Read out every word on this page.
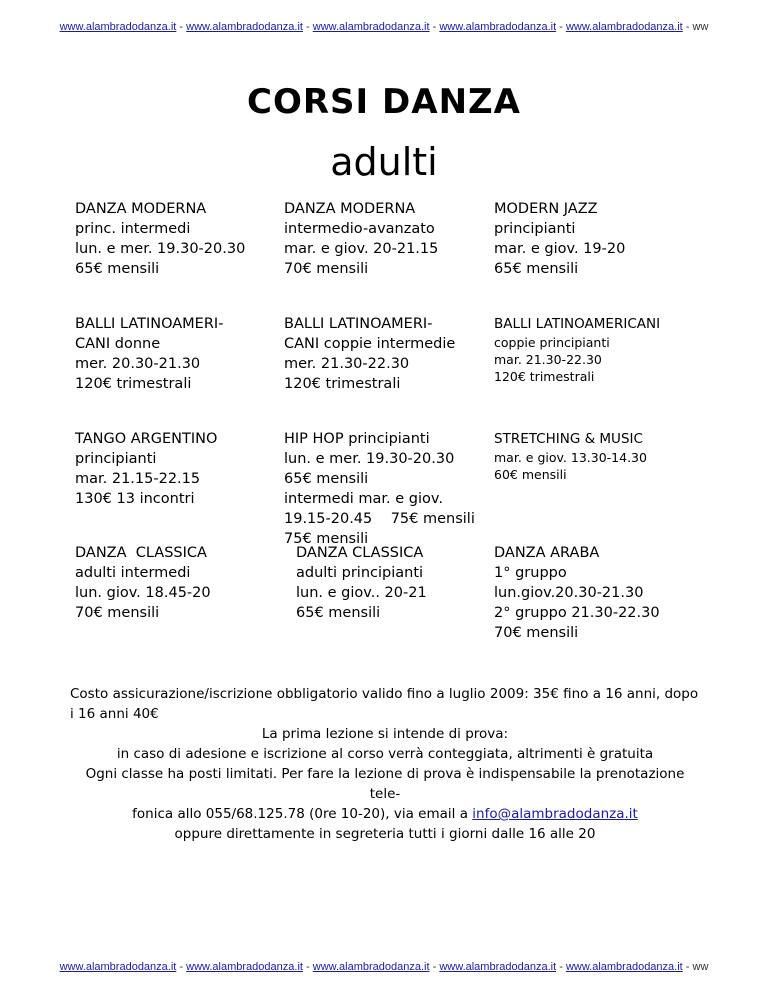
www.alambradodanza.it - www.alambradodanza.it - www.alambradodanza.it - www.alambradodanza.it - www.alambradodanza.it - ww
CORSI DANZA
adulti
DANZA MODERNA
princ. intermedi
lun. e mer. 19.30-20.30
65€ mensili
DANZA MODERNA
intermedio-avanzato
mar. e giov. 20-21.15
70€ mensili
MODERN JAZZ
principianti
mar. e giov. 19-20
65€ mensili
BALLI LATINOAMERI-
CANI donne
mer. 20.30-21.30
120€ trimestrali
BALLI LATINOAMERI-
CANI coppie intermedie
mer. 21.30-22.30
120€ trimestrali
BALLI LATINOAMERICANI
coppie principianti
mar. 21.30-22.30
120€ trimestrali
TANGO ARGENTINO
principianti
mar. 21.15-22.15
130€ 13 incontri
HIP HOP principianti
lun. e mer. 19.30-20.30
65€ mensili
intermedi mar. e giov.
19.15-20.45    75€ mensili
75€ mensili
STRETCHING & MUSIC
mar. e giov. 13.30-14.30
60€ mensili
DANZA  CLASSICA
adulti intermedi
lun. giov. 18.45-20
70€ mensili
DANZA CLASSICA
adulti principianti
lun. e giov.. 20-21
65€ mensili
DANZA ARABA
1° gruppo
lun.giov.20.30-21.30
2° gruppo 21.30-22.30
70€ mensili
Costo assicurazione/iscrizione obbligatorio valido fino a luglio 2009: 35€ fino a 16 anni, dopo i 16 anni 40€
La prima lezione si intende di prova:
in caso di adesione e iscrizione al corso verrà conteggiata, altrimenti è gratuita
Ogni classe ha posti limitati. Per fare la lezione di prova è indispensabile la prenotazione tele-
fonica allo 055/68.125.78 (0re 10-20), via email a info@alambradodanza.it
oppure direttamente in segreteria tutti i giorni dalle 16 alle 20
www.alambradodanza.it - www.alambradodanza.it - www.alambradodanza.it - www.alambradodanza.it - www.alambradodanza.it - ww
